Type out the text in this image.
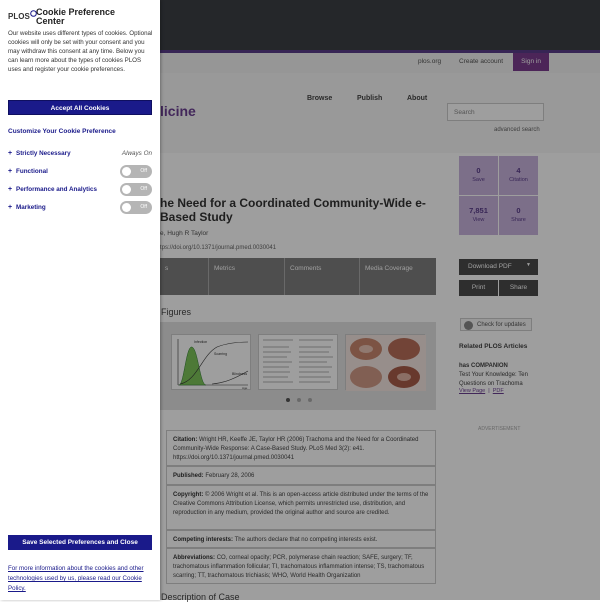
plos.org	Create account	Sign in
licine
Browse	Publish	About
Search
advanced search
he Need for a Coordinated Community-Wide e-Based Study
e, Hugh R Taylor
tps://doi.org/10.1371/journal.pmed.0030041
0
Save
4
Citation
7,851
View
0
Share
s	Metrics	Comments	Media Coverage	Download PDF	▼
Print	Share
Figures
Infection
Scarring
Blindness
Age
Check for updates
Related PLOS Articles
has COMPANION
Test Your Knowledge: Ten Questions on Trachoma
View Page  |  PDF
ADVERTISEMENT
Citation: Wright HR, Keeffe JE, Taylor HR (2006) Trachoma and the Need for a Coordinated Community-Wide Response: A Case-Based Study. PLoS Med 3(2): e41. https://doi.org/10.1371/journal.pmed.0030041
Published: February 28, 2006
Copyright: © 2006 Wright et al. This is an open-access article distributed under the terms of the Creative Commons Attribution License, which permits unrestricted use, distribution, and reproduction in any medium, provided the original author and source are credited.
Competing interests: The authors declare that no competing interests exist.
Abbreviations: CO, corneal opacity; PCR, polymerase chain reaction; SAFE, surgery; TF, trachomatous inflammation follicular; TI, trachomatous inflammation intense; TS, trachomatous scarring; TT, trachomatous trichiasis; WHO, World Health Organization
Description of Case
PLOS Cookie Preference Center
Our website uses different types of cookies. Optional cookies will only be set with your consent and you may withdraw this consent at any time. Below you can learn more about the types of cookies PLOS uses and register your cookie preferences.
Accept All Cookies
Customize Your Cookie Preference
+ Strictly Necessary	Always On
+ Functional	Off
+ Performance and Analytics	Off
+ Marketing	Off
Save Selected Preferences and Close
For more information about the cookies and other technologies used by us, please read our Cookie Policy.
